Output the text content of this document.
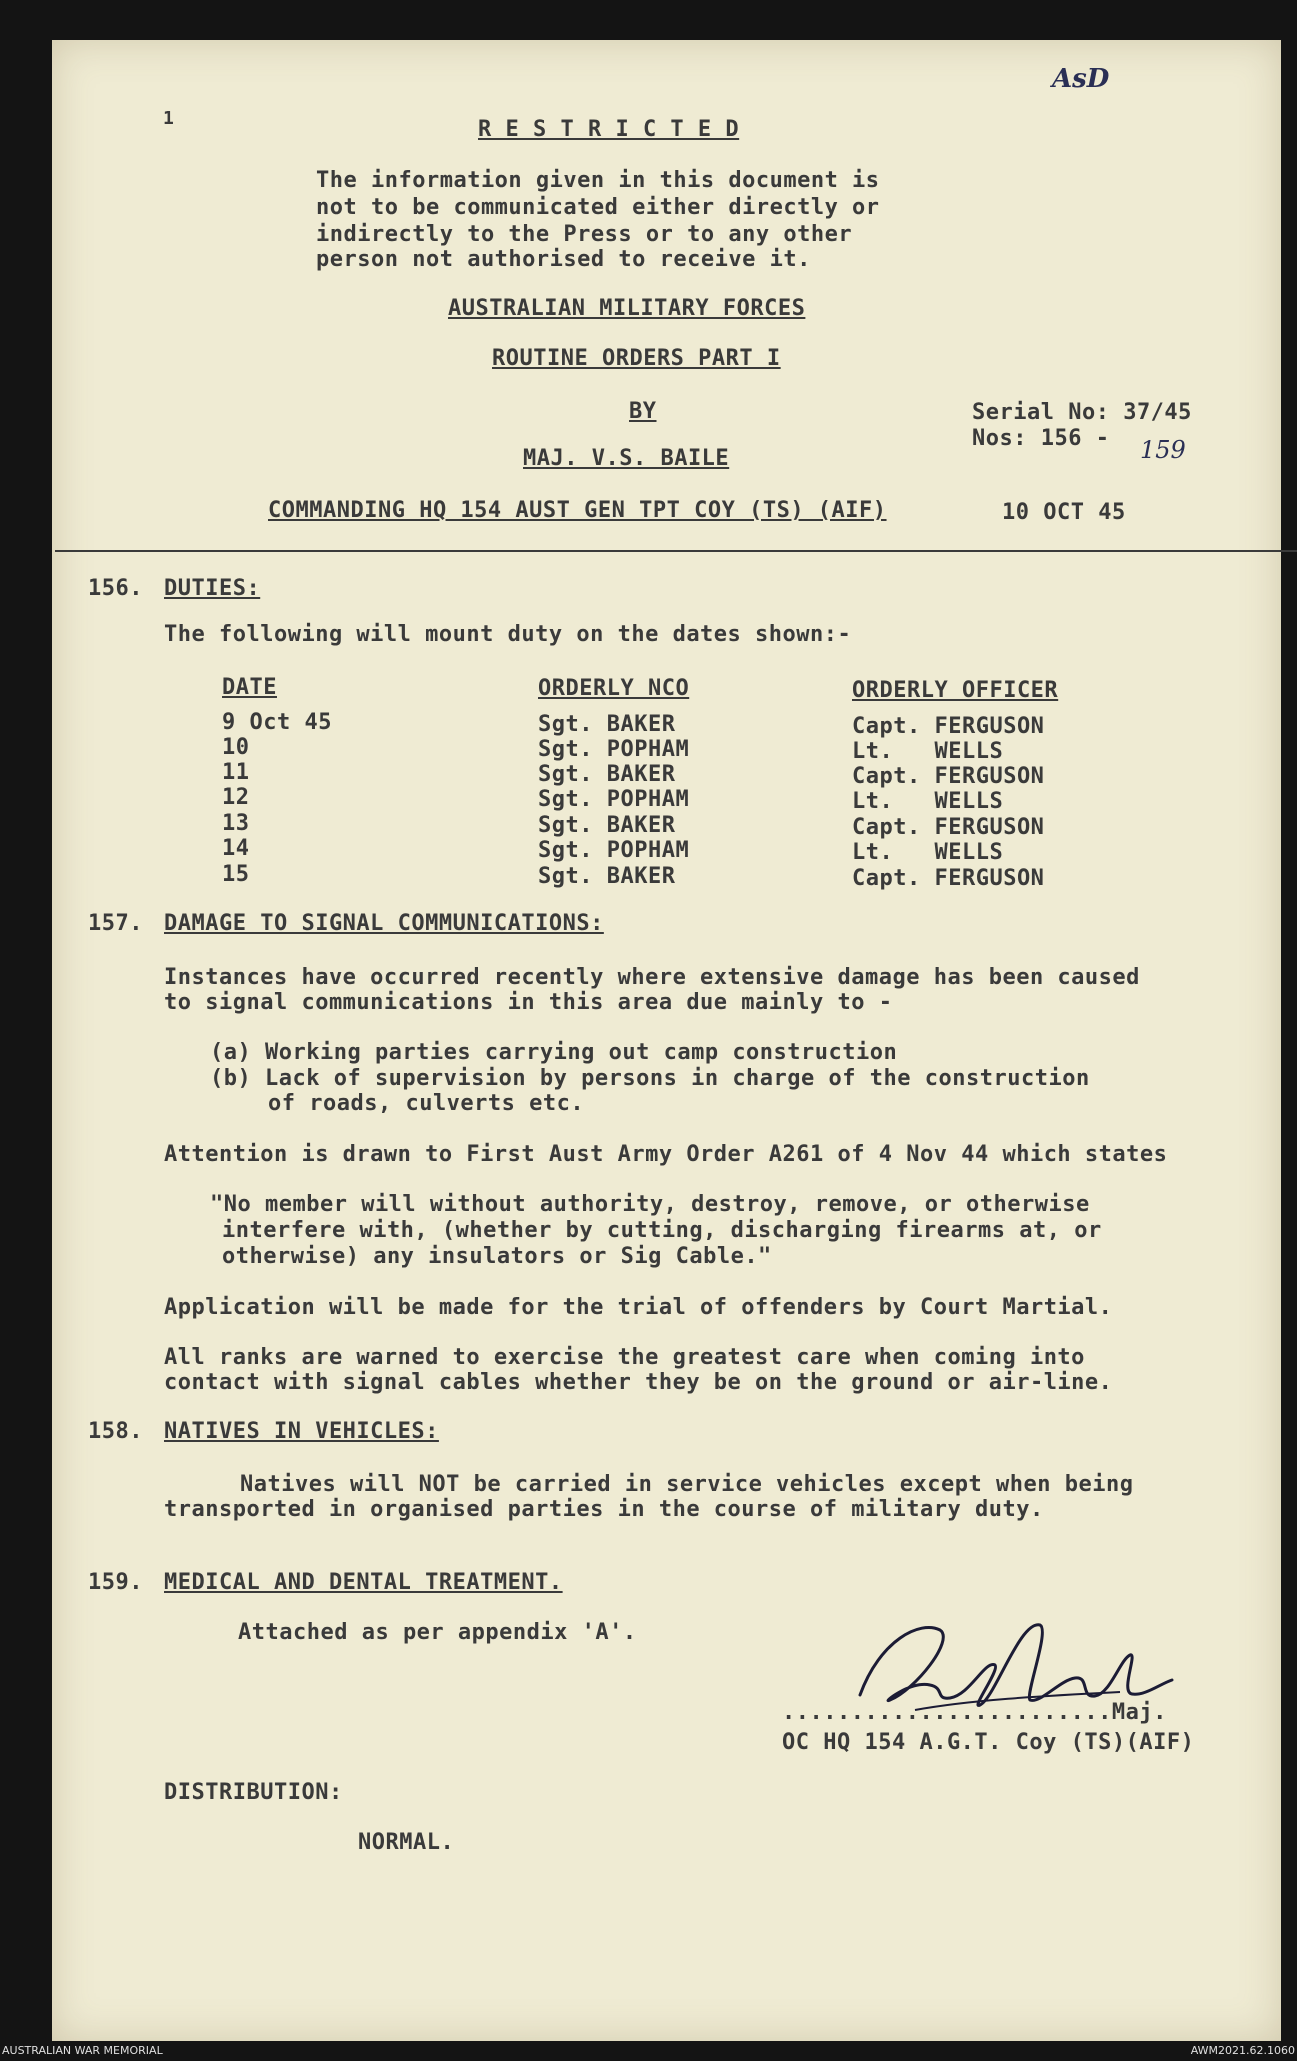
AsD
1	R E S T R I C T E D
The information given in this document is
not to be communicated either directly or
indirectly to the Press or to any other
person not authorised to receive it.
AUSTRALIAN MILITARY FORCES
ROUTINE ORDERS PART I
BY	Serial No: 37/45
Nos: 156 - 159
MAJ. V.S. BAILE
COMMANDING HQ 154 AUST GEN TPT COY (TS) (AIF)	10 OCT 45
156. DUTIES:
The following will mount duty on the dates shown:-
DATE	ORDERLY NCO	ORDERLY OFFICER
9 Oct 45	Sgt. BAKER	Capt. FERGUSON
10	Sgt. POPHAM	Lt.   WELLS
11	Sgt. BAKER	Capt. FERGUSON
12	Sgt. POPHAM	Lt.   WELLS
13	Sgt. BAKER	Capt. FERGUSON
14	Sgt. POPHAM	Lt.   WELLS
15	Sgt. BAKER	Capt. FERGUSON
157. DAMAGE TO SIGNAL COMMUNICATIONS:
Instances have occurred recently where extensive damage has been caused
to signal communications in this area due mainly to -
(a) Working parties carrying out camp construction
(b) Lack of supervision by persons in charge of the construction
of roads, culverts etc.
Attention is drawn to First Aust Army Order A261 of 4 Nov 44 which states
"No member will without authority, destroy, remove, or otherwise
interfere with, (whether by cutting, discharging firearms at, or
otherwise) any insulators or Sig Cable."
Application will be made for the trial of offenders by Court Martial.
All ranks are warned to exercise the greatest care when coming into
contact with signal cables whether they be on the ground or air-line.
158. NATIVES IN VEHICLES:
Natives will NOT be carried in service vehicles except when being
transported in organised parties in the course of military duty.
159. MEDICAL AND DENTAL TREATMENT.
Attached as per appendix 'A'.
........................Maj.
OC HQ 154 A.G.T. Coy (TS)(AIF)
DISTRIBUTION:
NORMAL.
AUSTRALIAN WAR MEMORIAL	AWM2021.62.1060
